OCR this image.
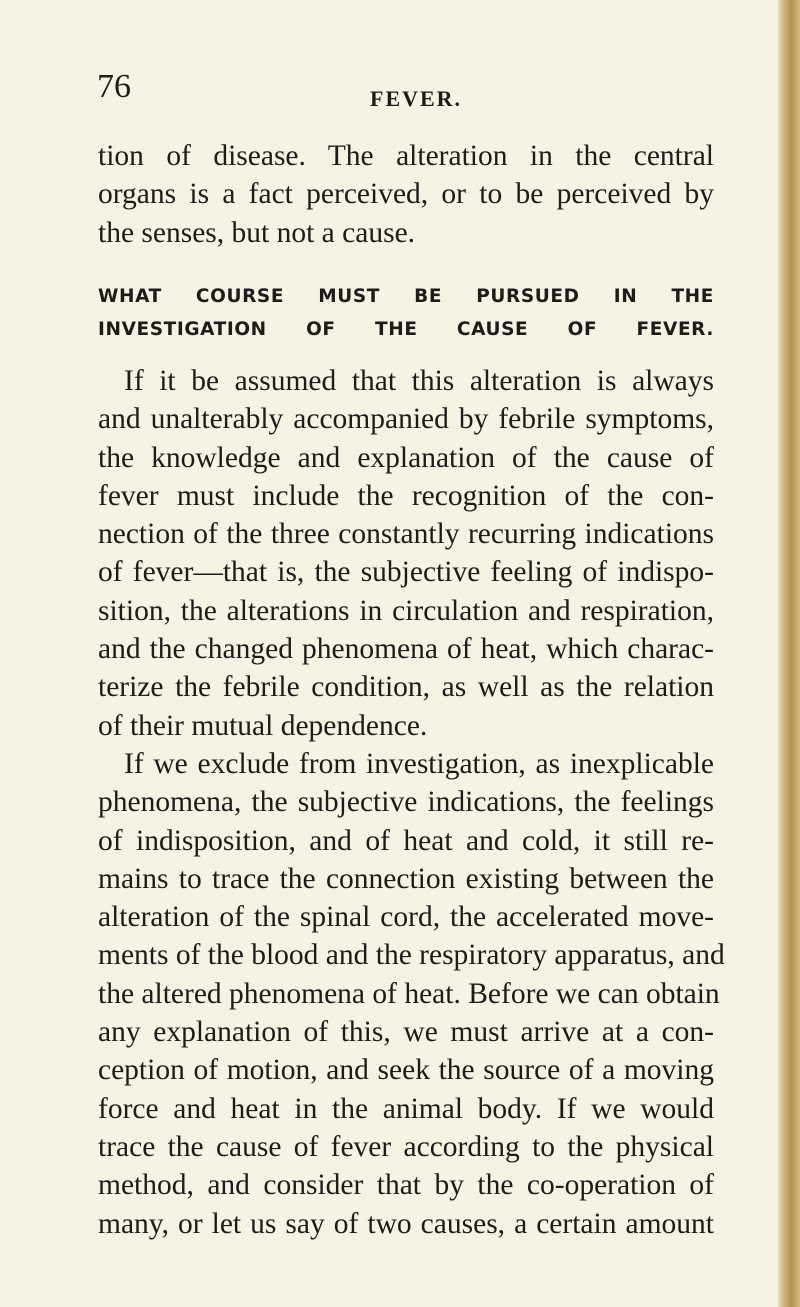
76	FEVER.
tion of disease. The alteration in the central
organs is a fact perceived, or to be perceived by
the senses, but not a cause.
WHAT COURSE MUST BE PURSUED IN THE
INVESTIGATION OF THE CAUSE OF FEVER.
If it be assumed that this alteration is always
and unalterably accompanied by febrile symptoms,
the knowledge and explanation of the cause of
fever must include the recognition of the con-
nection of the three constantly recurring indications
of fever—that is, the subjective feeling of indispo-
sition, the alterations in circulation and respiration,
and the changed phenomena of heat, which charac-
terize the febrile condition, as well as the relation
of their mutual dependence.
If we exclude from investigation, as inexplicable
phenomena, the subjective indications, the feelings
of indisposition, and of heat and cold, it still re-
mains to trace the connection existing between the
alteration of the spinal cord, the accelerated move-
ments of the blood and the respiratory apparatus, and
the altered phenomena of heat. Before we can obtain
any explanation of this, we must arrive at a con-
ception of motion, and seek the source of a moving
force and heat in the animal body. If we would
trace the cause of fever according to the physical
method, and consider that by the co-operation of
many, or let us say of two causes, a certain amount
